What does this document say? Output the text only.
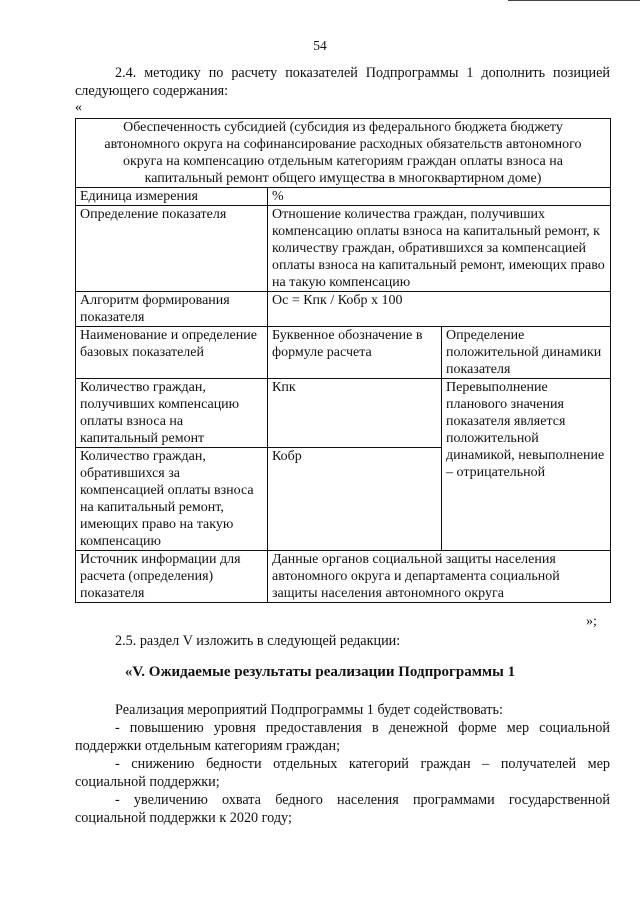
54
2.4. методику по расчету показателей Подпрограммы 1 дополнить позицией следующего содержания:
«
Обеспеченность субсидией (субсидия из федерального бюджета бюджету автономного округа на софинансирование расходных обязательств автономного округа на компенсацию отдельным категориям граждан оплаты взноса на капитальный ремонт общего имущества в многоквартирном доме)		
Единица измерения	%	
Определение показателя	Отношение количества граждан, получивших компенсацию оплаты взноса на капитальный ремонт, к количеству граждан, обратившихся за компенсацией оплаты взноса на капитальный ремонт, имеющих право на такую компенсацию	
Алгоритм формирования показателя	Ос = Кпк / Кобр х 100	
Наименование и определение базовых показателей	Буквенное обозначение в формуле расчета	Определение положительной динамики показателя
Количество граждан, получивших компенсацию оплаты взноса на капитальный ремонт	Кпк	Перевыполнение планового значения показателя является положительной динамикой, невыполнение – отрицательной
Количество граждан, обратившихся за компенсацией оплаты взноса на капитальный ремонт, имеющих право на такую компенсацию	Кобр	
Источник информации для расчета (определения) показателя	Данные органов социальной защиты населения автономного округа и департамента социальной защиты населения автономного округа	
»;
2.5. раздел V изложить в следующей редакции:
«V. Ожидаемые результаты реализации Подпрограммы 1
Реализация мероприятий Подпрограммы 1 будет содействовать:
- повышению уровня предоставления в денежной форме мер социальной поддержки отдельным категориям граждан;
- снижению бедности отдельных категорий граждан – получателей мер социальной поддержки;
- увеличению охвата бедного населения программами государственной социальной поддержки к 2020 году;
